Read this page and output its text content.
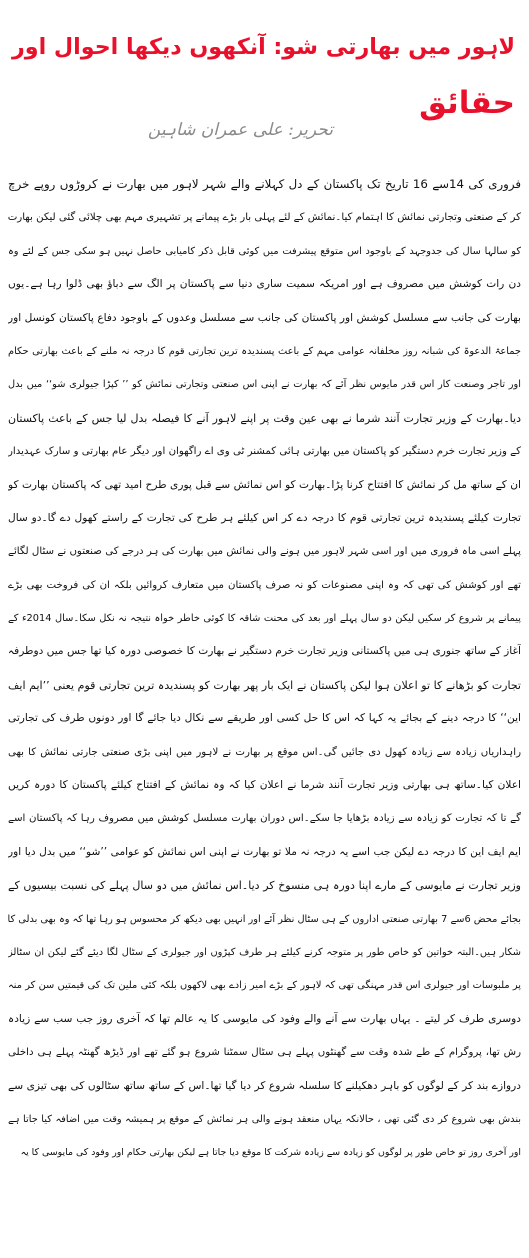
لاہور میں بھارتی شو: آنکھوں دیکھا احوال اور
حقائق

تحریر: علی عمران شاہین

فروری کی 14سے 16 تاریخ تک پاکستان کے دل کہلانے والے شہر لاہور میں بھارت نے کروڑوں روپے خرچ
کر کے صنعتی وتجارتی نمائش کا اہتمام کیا۔نمائش کے لئے پہلی بار بڑے پیمانے پر تشہیری مہم بھی چلائی گئی لیکن بھارت
کو سالہا سال کی جدوجہد کے باوجود اس متوقع پیشرفت میں کوئی قابل ذکر کامیابی حاصل نہیں ہو سکی جس کے لئے وہ
دن رات کوشش میں مصروف ہے اور امریکہ سمیت ساری دنیا سے پاکستان پر الگ سے دباؤ بھی ڈلوا رہا ہے۔یوں
بھارت کی جانب سے مسلسل کوشش اور پاکستان کی جانب سے مسلسل وعدوں کے باوجود دفاع پاکستان کونسل اور
جماعۃ الدعوۃ کی شبانہ روز مخلفانہ عوامی مہم کے باعث پسندیدہ ترین تجارتی قوم کا درجہ نہ ملنے کے باعث بھارتی حکام
اور تاجر وصنعت کار اس قدر مایوس نظر آئے کہ بھارت نے اپنی اس صنعتی وتجارتی نمائش کو ’’ کپڑا جیولری شو‘‘ میں بدل
دیا۔بھارت کے وزیر تجارت آنند شرما نے بھی عین وقت پر اپنے لاہور آنے کا فیصلہ بدل لیا جس کے باعث پاکستان
کے وزیر تجارت خرم دستگیر کو پاکستان میں بھارتی ہائی کمشنر ٹی وی اے راگھوان اور دیگر عام بھارتی و سارک عہدیدار
ان کے ساتھ مل کر نمائش کا افتتاح کرنا پڑا۔بھارت کو اس نمائش سے قبل پوری طرح امید تھی کہ پاکستان بھارت کو
تجارت کیلئے پسندیدہ ترین تجارتی قوم کا درجہ دے کر اس کیلئے ہر طرح کی تجارت کے راستے کھول دے گا۔دو سال
پہلے اسی ماہ فروری میں اور اسی شہر لاہور میں ہونے والی نمائش میں بھارت کی ہر درجے کی صنعتوں نے سٹال لگائے
تھے اور کوشش کی تھی کہ وہ اپنی مصنوعات کو نہ صرف پاکستان میں متعارف کروائیں بلکہ ان کی فروخت بھی بڑے
پیمانے پر شروع کر سکیں لیکن دو سال پہلے اور بعد کی محنت شاقہ کا کوئی خاطر خواہ نتیجہ نہ نکل سکا۔سال 2014ء کے
آغاز کے ساتھ جنوری ہی میں پاکستانی وزیر تجارت خرم دستگیر نے بھارت کا خصوصی دورہ کیا تھا جس میں دوطرفہ
تجارت کو بڑھانے کا تو اعلان ہوا لیکن پاکستان نے ایک بار پھر بھارت کو پسندیدہ ترین تجارتی قوم یعنی ’’ایم ایف
این‘‘ کا درجہ دینے کے بجائے یہ کہا کہ اس کا حل کسی اور طریقے سے نکال دیا جائے گا اور دونوں طرف کی تجارتی
راہداریاں زیادہ سے زیادہ کھول دی جائیں گی۔اس موقع پر بھارت نے لاہور میں اپنی بڑی صنعتی جارتی نمائش کا بھی
اعلان کیا۔ساتھ ہی بھارتی وزیر تجارت آنند شرما نے اعلان کیا کہ وہ نمائش کے افتتاح کیلئے پاکستان کا دورہ کریں
گے تا کہ تجارت کو زیادہ سے زیادہ بڑھایا جا سکے۔اس دوران بھارت مسلسل کوشش میں مصروف رہا کہ پاکستان اسے
ایم ایف این کا درجہ دے لیکن جب اسے یہ درجہ نہ ملا تو بھارت نے اپنی اس نمائش کو عوامی ’’شو‘‘ میں بدل دیا اور
وزیر تجارت نے مایوسی کے مارے اپنا دورہ ہی منسوخ کر دیا۔اس نمائش میں دو سال پہلے کی نسبت بیسیوں کے
بجائے محض 6سے 7 بھارتی صنعتی اداروں کے ہی سٹال نظر آئے اور انہیں بھی دیکھ کر محسوس ہو رہا تھا کہ وہ بھی بدلی کا
شکار ہیں۔البتہ خواتین کو خاص طور پر متوجہ کرنے کیلئے ہر طرف کپڑوں اور جیولری کے سٹال لگا دیئے گئے لیکن ان سٹالز
پر ملبوسات اور جیولری اس قدر مہنگی تھی کہ لاہور کے بڑے امیر زادے بھی لاکھوں بلکہ کئی ملین تک کی قیمتیں سن کر منہ
دوسری طرف کر لیتے ۔ یہاں بھارت سے آنے والے وفود کی مایوسی کا یہ عالم تھا کہ آخری روز جب سب سے زیادہ
رش تھا، پروگرام کے طے شدہ وقت سے گھنٹوں پہلے ہی سٹال سمٹنا شروع ہو گئے تھے اور ڈیڑھ گھنٹہ پہلے ہی داخلی
دروازے بند کر کے لوگوں کو باہر دھکیلنے کا سلسلہ شروع کر دیا گیا تھا۔اس کے ساتھ ساتھ سٹالوں کی بھی تیزی سے
بندش بھی شروع کر دی گئی تھی ، حالانکہ یہاں منعقد ہونے والی ہر نمائش کے موقع پر ہمیشہ وقت میں اضافہ کیا جاتا ہے
اور آخری روز تو خاص طور پر لوگوں کو زیادہ سے زیادہ شرکت کا موقع دیا جاتا ہے لیکن بھارتی حکام اور وفود کی مایوسی کا یہ
